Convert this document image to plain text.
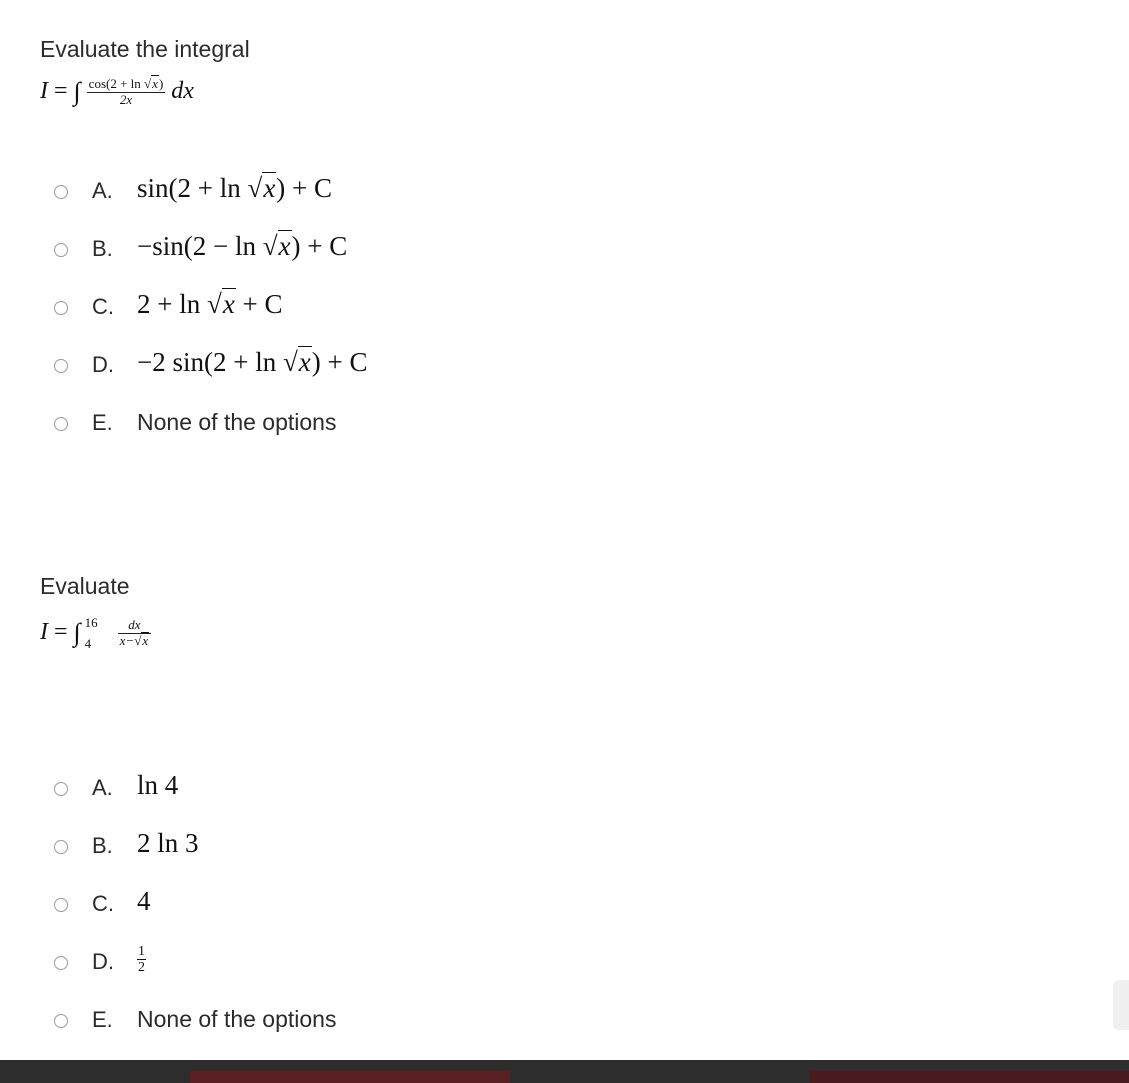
Evaluate the integral

I = ∫ $\frac{\cos(2 + \ln √x)}{2x}$ dx
A. sin(2 + ln √x) + C
B. −sin(2 − ln √x) + C
C. 2 + ln √x + C
D. −2 sin(2 + ln √x) + C
E. None of the options

Evaluate

I = ∫ 16
4
	$\frac{dx}{x-√x}$
A. ln 4
B. 2 ln 3
C. 4
D. $\frac{1}{2}$
E. None of the options
